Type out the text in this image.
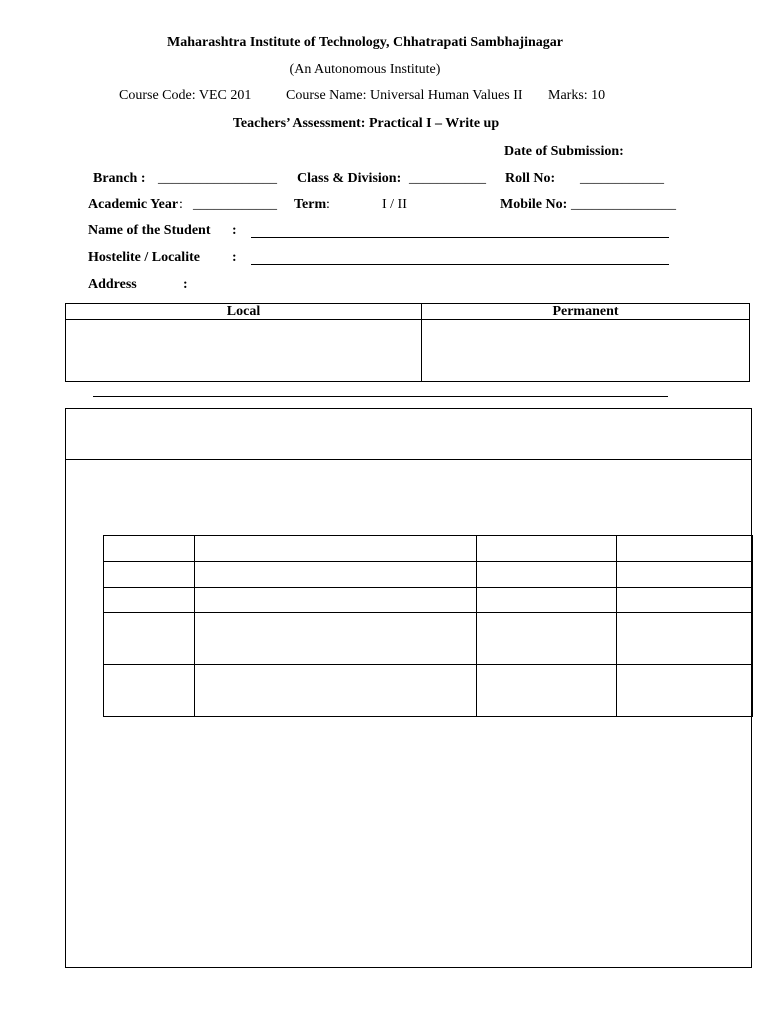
Maharashtra Institute of Technology, Chhatrapati Sambhajinagar
(An Autonomous Institute)
Course Code: VEC 201 Course Name: Universal Human Values II Marks: 10
Teachers’ Assessment: Practical I – Write up
Date of Submission:
Branch : _________________ Class & Division: ___________ Roll No: ____________
Academic Year : ____________ Term :	I / II	Mobile No: _______________
Name of the Student :
Hostelite / Localite :
Address	:
Local	Permanent
